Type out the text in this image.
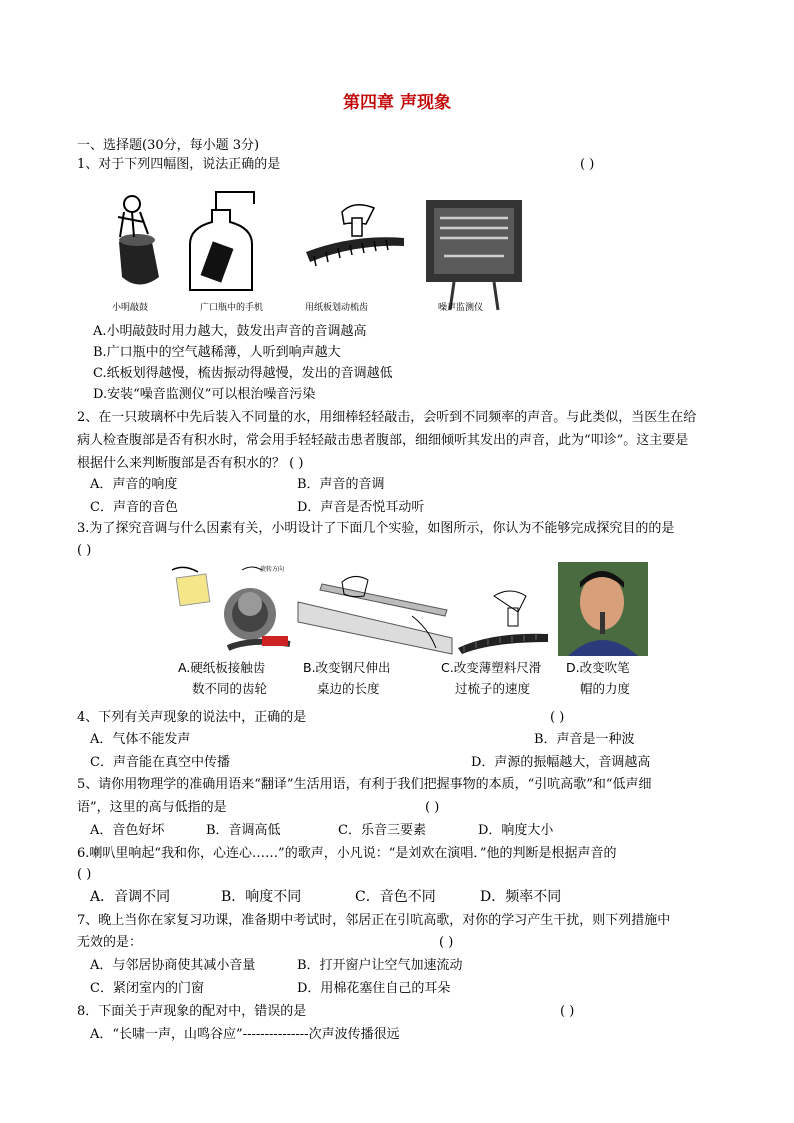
第四章 声现象
一、选择题(30分，每小题 3分)
1、对于下列四幅图，说法正确的是	( )
小明敲鼓	广口瓶中的手机	用纸板划动梳齿	噪声监测仪
A.小明敲鼓时用力越大，鼓发出声音的音调越高
B.广口瓶中的空气越稀薄，人听到响声越大
C.纸板划得越慢，梳齿振动得越慢，发出的音调越低
D.安装“噪音监测仪”可以根治噪音污染
2、在一只玻璃杯中先后装入不同量的水，用细棒轻轻敲击，会听到不同频率的声音。与此类似，当医生在给
病人检查腹部是否有积水时，常会用手轻轻敲击患者腹部，细细倾听其发出的声音，此为“叩诊”。这主要是
根据什么来判断腹部是否有积水的？ ( )
A．声音的响度	B．声音的音调
C．声音的音色	D．声音是否悦耳动听
3.为了探究音调与什么因素有关，小明设计了下面几个实验，如图所示，你认为不能够完成探究目的的是
( )
旋转方向
A.硬纸板接触齿
数不同的齿轮
B.改变钢尺伸出
桌边的长度
C.改变薄塑料尺滑
过梳子的速度
D.改变吹笔
帽的力度
4、下列有关声现象的说法中，正确的是	( )
A．气体不能发声	B．声音是一种波
C．声音能在真空中传播	D．声源的振幅越大，音调越高
5、请你用物理学的准确用语来“翻译”生活用语，有利于我们把握事物的本质，“引吭高歌”和“低声细
语”，这里的高与低指的是	( )
A．音色好坏	B．音调高低	C．乐音三要素	D．响度大小
6.喇叭里响起“我和你，心连心……”的歌声，小凡说：“是刘欢在演唱．”他的判断是根据声音的
( )
A．音调不同	B．响度不同	C．音色不同	D．频率不同
7、晚上当你在家复习功课，准备期中考试时，邻居正在引吭高歌，对你的学习产生干扰，则下列措施中
无效的是：	( )
A．与邻居协商使其减小音量	B．打开窗户让空气加速流动
C．紧闭室内的门窗	D．用棉花塞住自己的耳朵
8．下面关于声现象的配对中，错误的是	( )
A．“长啸一声，山鸣谷应”---------------次声波传播很远
